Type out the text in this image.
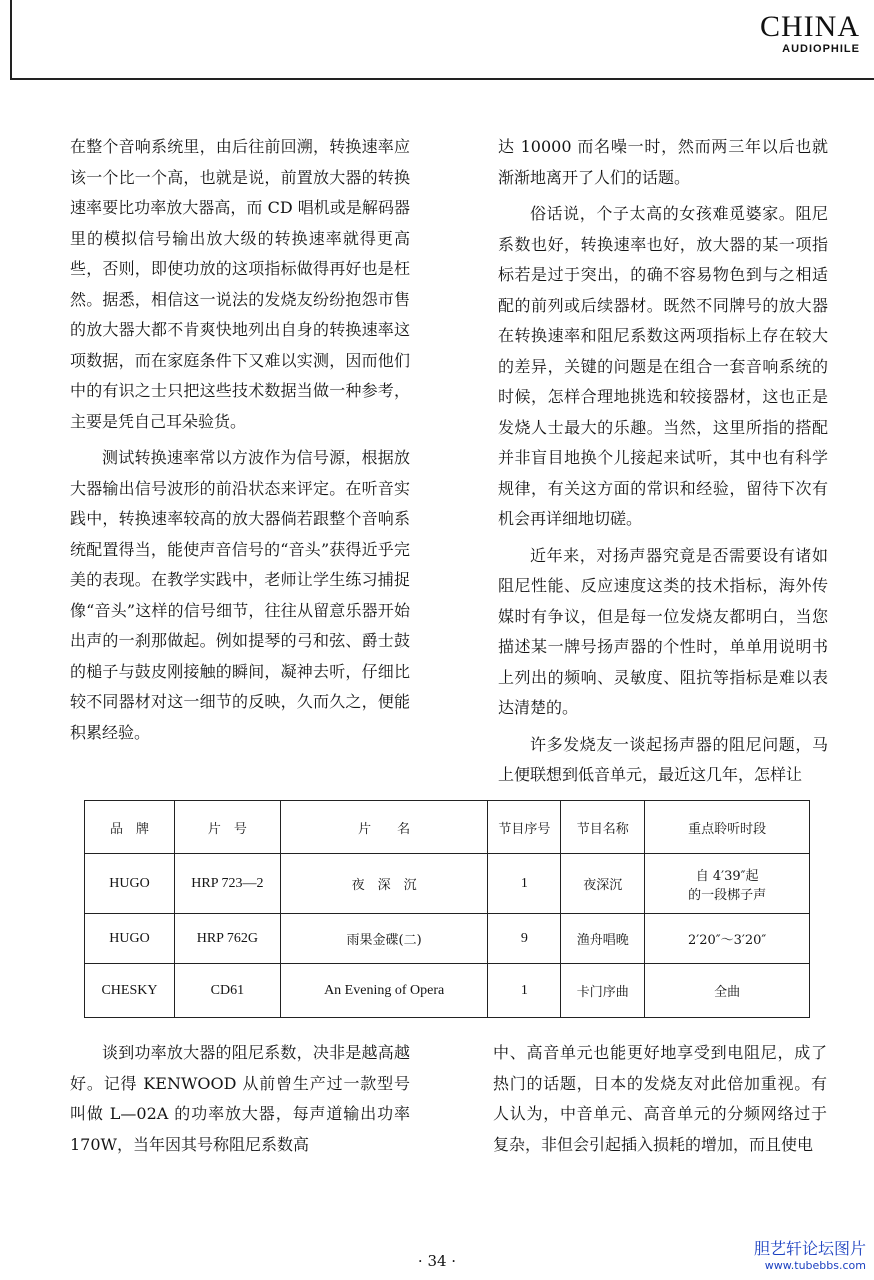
CHINA
AUDIOPHILE

在整个音响系统里，由后往前回溯，转换速率应该一个比一个高，也就是说，前置放大器的转换速率要比功率放大器高，而 CD 唱机或是解码器里的模拟信号输出放大级的转换速率就得更高些，否则，即使功放的这项指标做得再好也是枉然。据悉，相信这一说法的发烧友纷纷抱怨市售的放大器大都不肯爽快地列出自身的转换速率这项数据，而在家庭条件下又难以实测，因而他们中的有识之士只把这些技术数据当做一种参考，主要是凭自己耳朵验货。

测试转换速率常以方波作为信号源，根据放大器输出信号波形的前沿状态来评定。在听音实践中，转换速率较高的放大器倘若跟整个音响系统配置得当，能使声音信号的“音头”获得近乎完美的表现。在教学实践中，老师让学生练习捕捉像“音头”这样的信号细节，往往从留意乐器开始出声的一刹那做起。例如提琴的弓和弦、爵士鼓的槌子与鼓皮刚接触的瞬间，凝神去听，仔细比较不同器材对这一细节的反映，久而久之，便能积累经验。

达 10000 而名噪一时，然而两三年以后也就渐渐地离开了人们的话题。

俗话说，个子太高的女孩难觅婆家。阻尼系数也好，转换速率也好，放大器的某一项指标若是过于突出，的确不容易物色到与之相适配的前列或后续器材。既然不同牌号的放大器在转换速率和阻尼系数这两项指标上存在较大的差异，关键的问题是在组合一套音响系统的时候，怎样合理地挑选和较接器材，这也正是发烧人士最大的乐趣。当然，这里所指的搭配并非盲目地换个儿接起来试听，其中也有科学规律，有关这方面的常识和经验，留待下次有机会再详细地切磋。

近年来，对扬声器究竟是否需要设有诸如阻尼性能、反应速度这类的技术指标，海外传媒时有争议，但是每一位发烧友都明白，当您描述某一牌号扬声器的个性时，单单用说明书上列出的频响、灵敏度、阻抗等指标是难以表达清楚的。

许多发烧友一谈起扬声器的阻尼问题，马上便联想到低音单元，最近这几年，怎样让

品　牌	片　号	片　　名	节目序号	节目名称	重点聆听时段
HUGO	HRP 723—2	夜　深　沉	1	夜深沉	自 4′39″起
的一段梆子声

HUGO	HRP 762G	雨果金碟(二)	9	渔舟唱晚	2′20″～3′20″
CHESKY	CD61	An Evening of Opera	1	卡门序曲	全曲

谈到功率放大器的阻尼系数，决非是越高越好。记得 KENWOOD 从前曾生产过一款型号叫做 L—02A 的功率放大器，每声道输出功率 170W，当年因其号称阻尼系数高

中、高音单元也能更好地享受到电阻尼，成了热门的话题，日本的发烧友对此倍加重视。有人认为，中音单元、高音单元的分频网络过于复杂，非但会引起插入损耗的增加，而且使电

· 34 ·
胆艺轩论坛图片
www.tubebbs.com
